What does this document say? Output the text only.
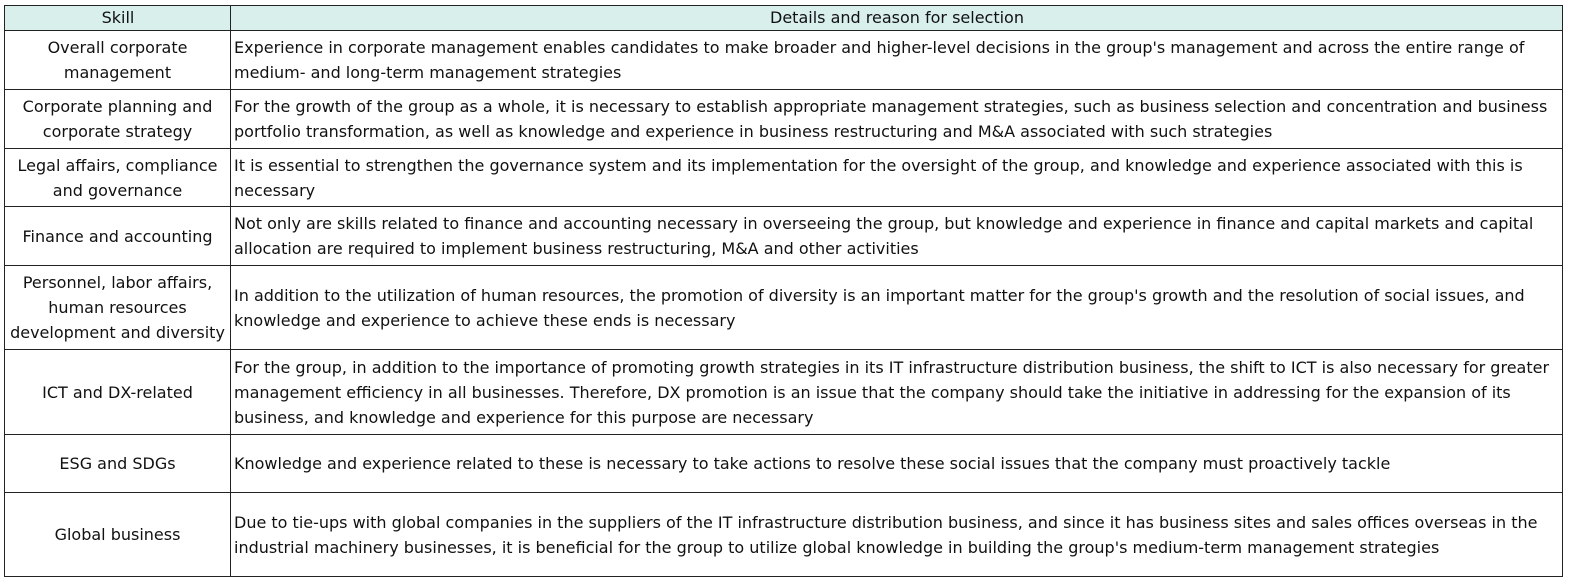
Skill	Details and reason for selection
Overall corporate management	Experience in corporate management enables candidates to make broader and higher-level decisions in the group's management and across the entire range of medium- and long-term management strategies
Corporate planning and corporate strategy	For the growth of the group as a whole, it is necessary to establish appropriate management strategies, such as business selection and concentration and business portfolio transformation, as well as knowledge and experience in business restructuring and M&A associated with such strategies
Legal affairs, compliance and governance	It is essential to strengthen the governance system and its implementation for the oversight of the group, and knowledge and experience associated with this is necessary
Finance and accounting	Not only are skills related to finance and accounting necessary in overseeing the group, but knowledge and experience in finance and capital markets and capital allocation are required to implement business restructuring, M&A and other activities
Personnel, labor affairs, human resources development and diversity	In addition to the utilization of human resources, the promotion of diversity is an important matter for the group's growth and the resolution of social issues, and knowledge and experience to achieve these ends is necessary
ICT and DX-related	For the group, in addition to the importance of promoting growth strategies in its IT infrastructure distribution business, the shift to ICT is also necessary for greater management efficiency in all businesses. Therefore, DX promotion is an issue that the company should take the initiative in addressing for the expansion of its business, and knowledge and experience for this purpose are necessary
ESG and SDGs	Knowledge and experience related to these is necessary to take actions to resolve these social issues that the company must proactively tackle
Global business	Due to tie-ups with global companies in the suppliers of the IT infrastructure distribution business, and since it has business sites and sales offices overseas in the industrial machinery businesses, it is beneficial for the group to utilize global knowledge in building the group's medium-term management strategies
